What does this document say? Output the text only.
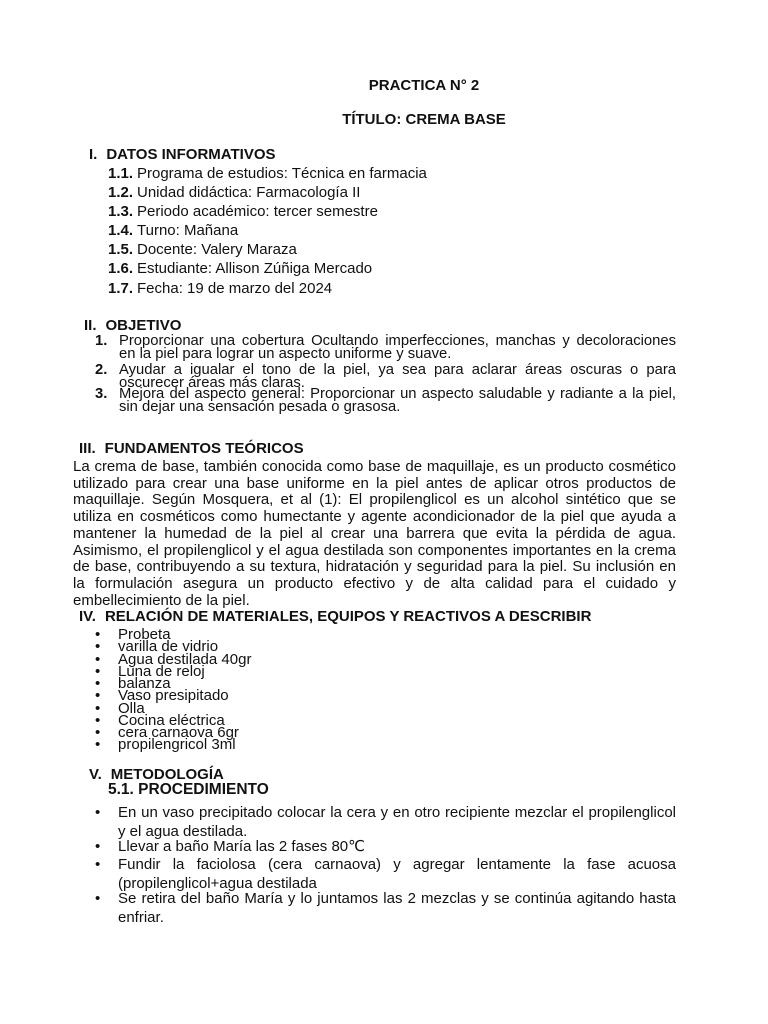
PRACTICA N° 2
TÍTULO: CREMA BASE
I. DATOS INFORMATIVOS
1.1. Programa de estudios: Técnica en farmacia
1.2. Unidad didáctica: Farmacología II
1.3. Periodo académico: tercer semestre
1.4. Turno: Mañana
1.5. Docente: Valery Maraza
1.6. Estudiante: Allison Zúñiga Mercado
1.7. Fecha: 19 de marzo del 2024
II. OBJETIVO
1. Proporcionar una cobertura Ocultando imperfecciones, manchas y decoloraciones en la piel para lograr un aspecto uniforme y suave.
2. Ayudar a igualar el tono de la piel, ya sea para aclarar áreas oscuras o para oscurecer áreas más claras.
3. Mejora del aspecto general: Proporcionar un aspecto saludable y radiante a la piel, sin dejar una sensación pesada o grasosa.
III. FUNDAMENTOS TEÓRICOS
La crema de base, también conocida como base de maquillaje, es un producto cosmético utilizado para crear una base uniforme en la piel antes de aplicar otros productos de maquillaje. Según Mosquera, et al (1): El propilenglicol es un alcohol sintético que se utiliza en cosméticos como humectante y agente acondicionador de la piel que ayuda a mantener la humedad de la piel al crear una barrera que evita la pérdida de agua. Asimismo, el propilenglicol y el agua destilada son componentes importantes en la crema de base, contribuyendo a su textura, hidratación y seguridad para la piel. Su inclusión en la formulación asegura un producto efectivo y de alta calidad para el cuidado y embellecimiento de la piel.
IV. RELACIÓN DE MATERIALES, EQUIPOS Y REACTIVOS A DESCRIBIR
• Probeta
• varilla de vidrio
• Agua destilada 40gr
• Luna de reloj
• balanza
• Vaso presipitado
• Olla
• Cocina eléctrica
• cera carnaova 6gr
• propilengricol 3ml
V. METODOLOGÍA
5.1. PROCEDIMIENTO
• En un vaso precipitado colocar la cera y en otro recipiente mezclar el propilenglicol y el agua destilada.
• Llevar a baño María las 2 fases 80℃
• Fundir la faciolosa (cera carnaova) y agregar lentamente la fase acuosa (propilenglicol+agua destilada
• Se retira del baño María y lo juntamos las 2 mezclas y se continúa agitando hasta enfriar.
